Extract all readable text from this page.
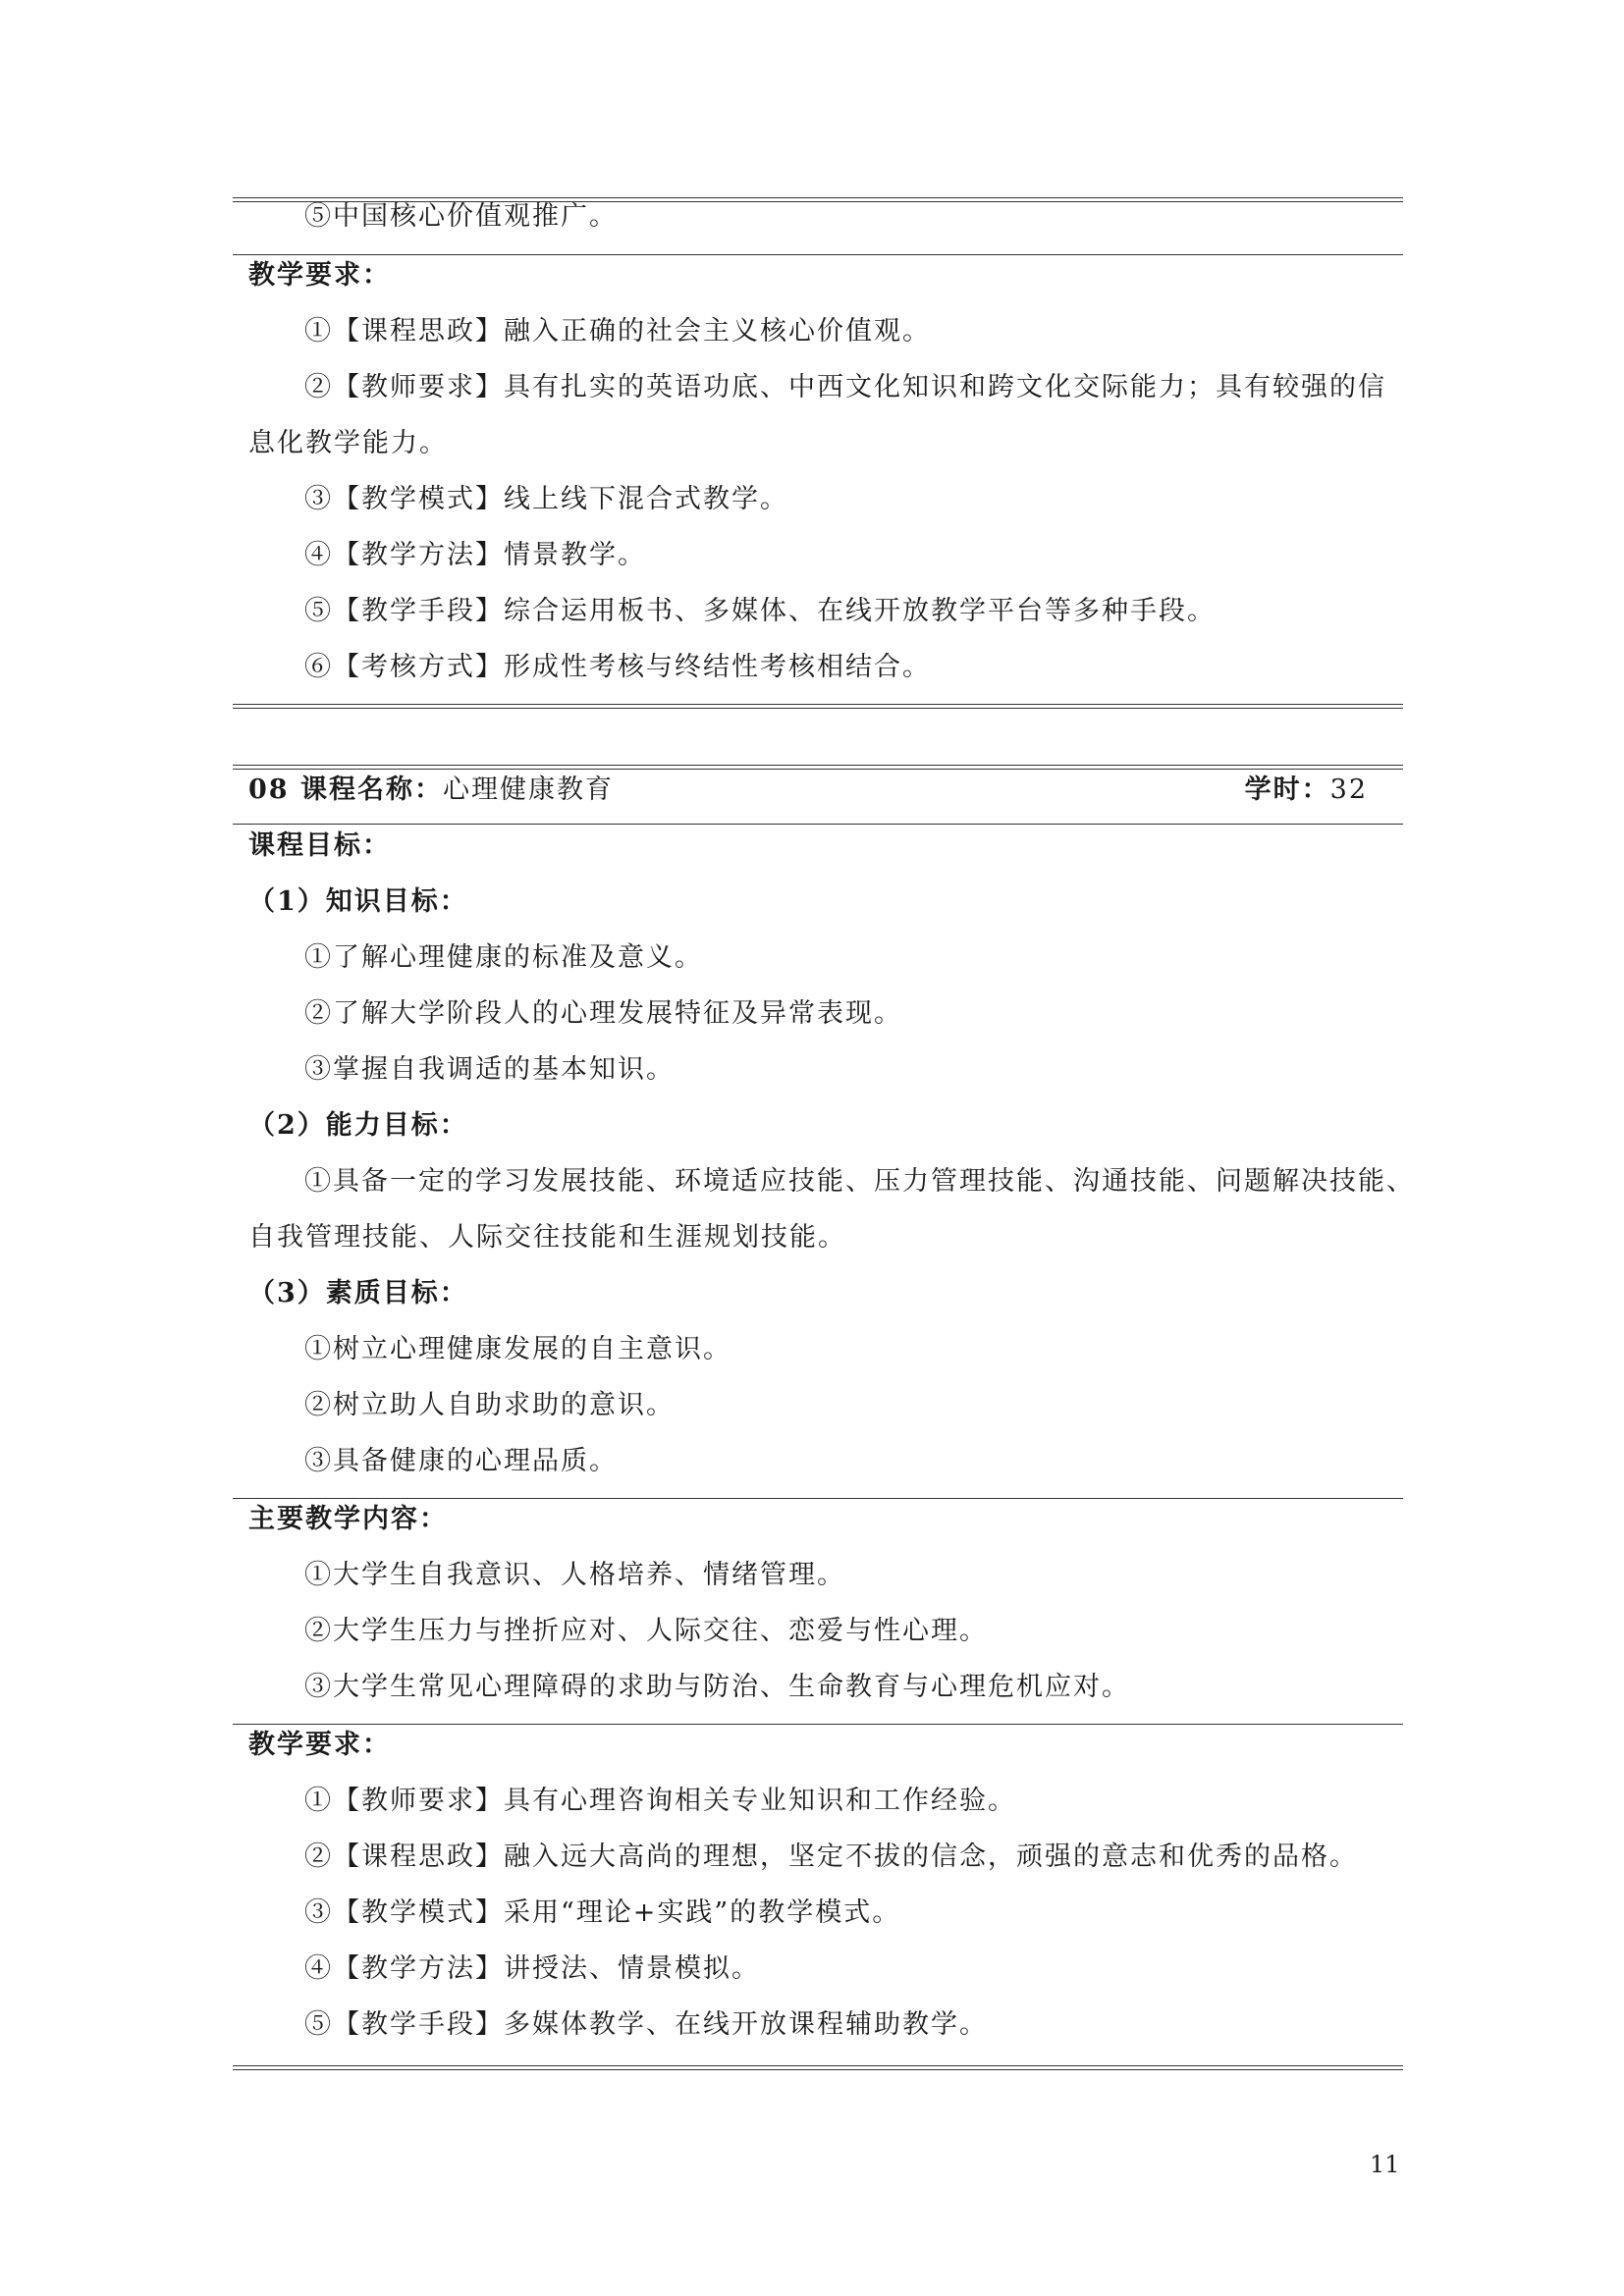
⑤中国核心价值观推广。
教学要求：
①【课程思政】融入正确的社会主义核心价值观。
②【教师要求】具有扎实的英语功底、中西文化知识和跨文化交际能力；具有较强的信
息化教学能力。
③【教学模式】线上线下混合式教学。
④【教学方法】情景教学。
⑤【教学手段】综合运用板书、多媒体、在线开放教学平台等多种手段。
⑥【考核方式】形成性考核与终结性考核相结合。
08 课程名称：心理健康教育	学时：32
课程目标：
（1）知识目标：
①了解心理健康的标准及意义。
②了解大学阶段人的心理发展特征及异常表现。
③掌握自我调适的基本知识。
（2）能力目标：
①具备一定的学习发展技能、环境适应技能、压力管理技能、沟通技能、问题解决技能、
自我管理技能、人际交往技能和生涯规划技能。
（3）素质目标：
①树立心理健康发展的自主意识。
②树立助人自助求助的意识。
③具备健康的心理品质。
主要教学内容：
①大学生自我意识、人格培养、情绪管理。
②大学生压力与挫折应对、人际交往、恋爱与性心理。
③大学生常见心理障碍的求助与防治、生命教育与心理危机应对。
教学要求：
①【教师要求】具有心理咨询相关专业知识和工作经验。
②【课程思政】融入远大高尚的理想，坚定不拔的信念，顽强的意志和优秀的品格。
③【教学模式】采用“理论+实践”的教学模式。
④【教学方法】讲授法、情景模拟。
⑤【教学手段】多媒体教学、在线开放课程辅助教学。
11
